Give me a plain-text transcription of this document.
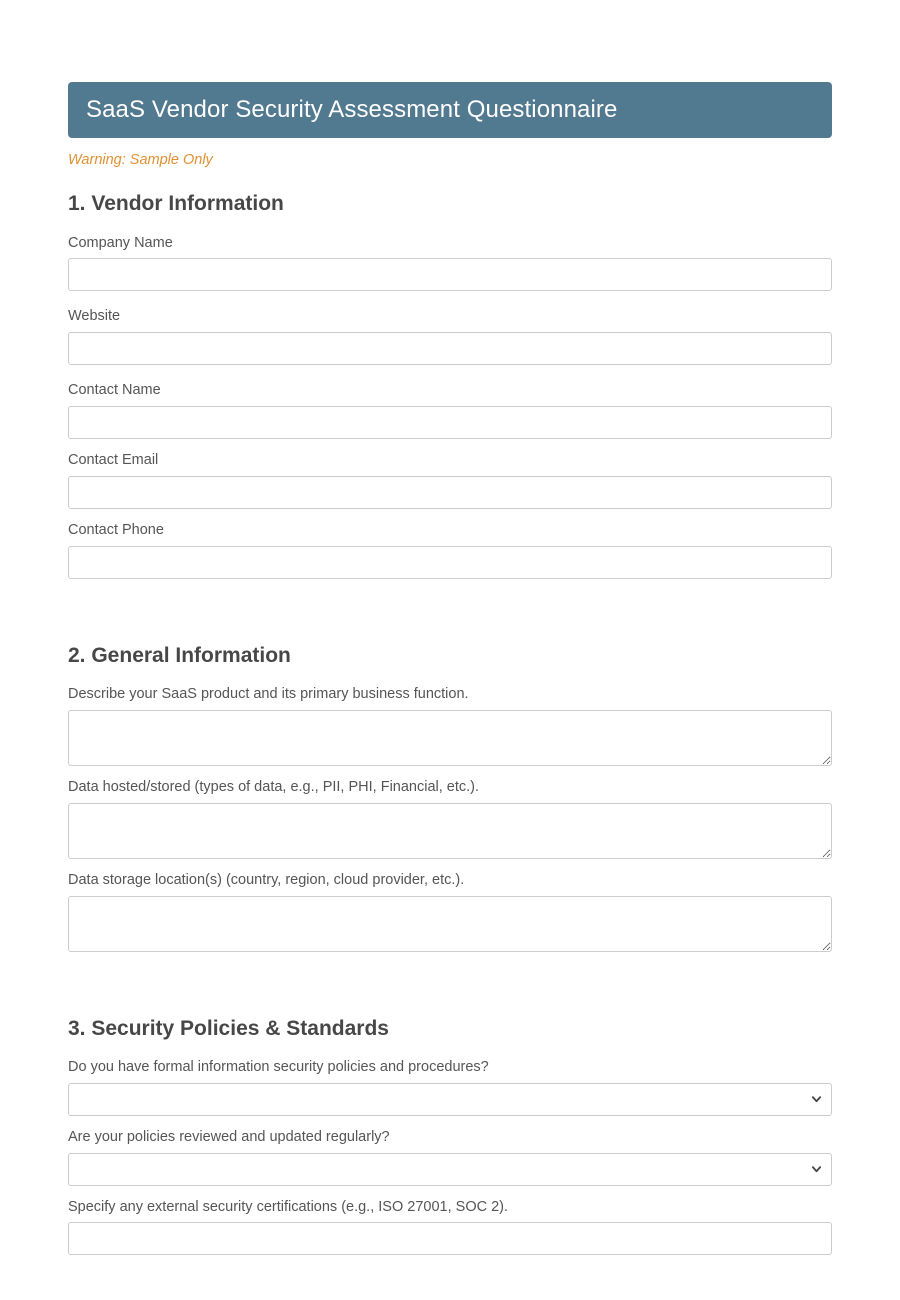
SaaS Vendor Security Assessment Questionnaire

Warning: Sample Only

1. Vendor Information
Company Name
Website
Contact Name
Contact Email
Contact Phone
2. General Information
Describe your SaaS product and its primary business function.
Data hosted/stored (types of data, e.g., PII, PHI, Financial, etc.).
Data storage location(s) (country, region, cloud provider, etc.).
3. Security Policies & Standards
Do you have formal information security policies and procedures?
Are your policies reviewed and updated regularly?
Specify any external security certifications (e.g., ISO 27001, SOC 2).
